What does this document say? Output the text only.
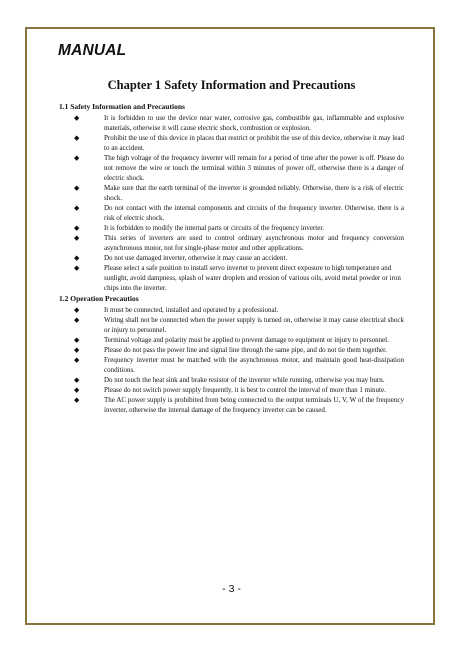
MANUAL
Chapter 1 Safety Information and Precautions
1.1 Safety Information and Precautions
◆	It is forbidden to use the device near water, corrosive gas, combustible gas, inflammable and explosive materials, otherwise it will cause electric shock, combustion or explosion.
◆	Prohibit the use of this device in places that restrict or prohibit the use of this device, otherwise it may lead to an accident.
◆	The high voltage of the frequency inverter will remain for a period of time after the power is off. Please do not remove the wire or touch the terminal within 3 minutes of power off, otherwise there is a danger of electric shock.
◆	Make sure that the earth terminal of the inverter is grounded reliably. Otherwise, there is a risk of electric shock.
◆	Do not contact with the internal components and circuits of the frequency inverter. Otherwise, there is a risk of electric shock.
◆	It is forbidden to modify the internal parts or circuits of the frequency inverter.
◆	This series of inverters are used to control ordinary asynchronous motor and frequency conversion asynchronous motor, not for single-phase motor and other applications.
◆	Do not use damaged inverter, otherwise it may cause an accident.
◆	Please select a safe position to install servo inverter to prevent direct exposure to high temperature and sunlight, avoid dampness, splash of water droplets and erosion of various oils, avoid metal powder or iron chips into the inverter.
1.2 Operation Precautios
◆	It must be connected, installed and operated by a professional.
◆	Wiring shall not be connected when the power supply is turned on, otherwise it may cause electrical shock or injury to personnel.
◆	Terminal voltage and polarity must be applied to prevent damage to equipment or injury to personnel.
◆	Please do not pass the power line and signal line through the same pipe, and do not tie them together.
◆	Frequency inverter must be matched with the asynchronous motor, and maintain good heat-dissipation conditions.
◆	Do not touch the heat sink and brake resistor of the inverter while running, otherwise you may burn.
◆	Please do not switch power supply frequently, it is best to control the interval of more than 1 minute.
◆	The AC power supply is prohibited from being connected to the output terminals U, V, W of the frequency inverter, otherwise the internal damage of the frequency inverter can be caused.
- 3 -
